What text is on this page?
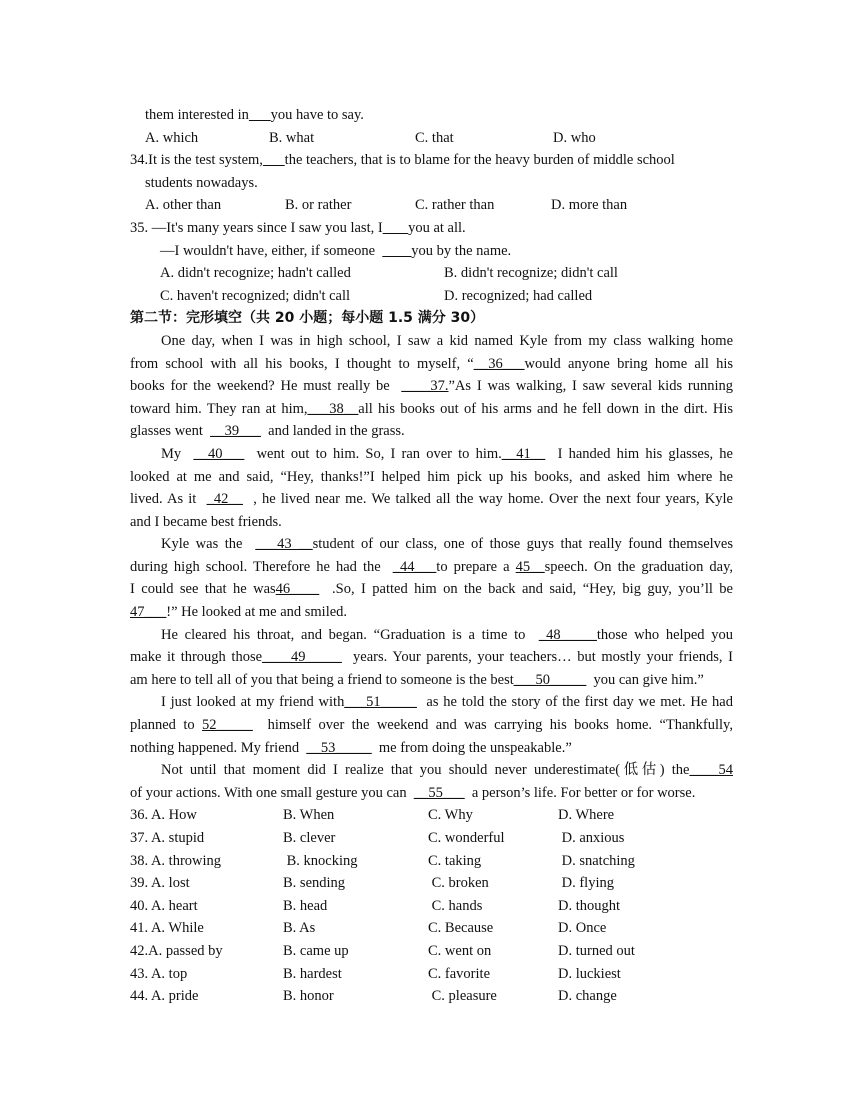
them interested in you have to say.
A. which	B. what	C. that	D. who
34.It is the test system, the teachers, that is to blame for the heavy burden of middle school
students nowadays.
A. other than	B. or rather	C. rather than	D. more than
35. —It's many years since I saw you last, I you at all.
—I wouldn't have, either, if someone          you by the name.
A. didn't recognize; hadn't called	B. didn't recognize; didn't call
C. haven't recognized; didn't call	D. recognized; had called
第二节：完形填空（共 20 小题；每小题 1.5 满分 30）
One day, when I was in high school, I saw a kid named Kyle from my class walking home
from school with all his books, I thought to myself, “__36___would anyone bring home all his
books for the weekend? He must really be  ____37.”As I was walking, I saw several kids running
toward him. They ran at him,___38__all his books out of his arms and he fell down in the dirt. His
glasses went  __39___  and landed in the grass.
My  __40___  went out to him. So, I ran over to him.__41__  I handed him his glasses, he
looked at me and said, “Hey, thanks!”I helped him pick up his books, and asked him where he
lived. As it  _42__  , he lived near me. We talked all the way home. Over the next four years, Kyle
and I became best friends.
Kyle was the  ___43 __student of our class, one of those guys that really found themselves
during high school. Therefore he had the  _44___to prepare a 45__speech. On the graduation day,
I could see that he was46____  .So, I patted him on the back and said, “Hey, big guy, you’ll be
47___!” He looked at me and smiled.
He cleared his throat, and began. “Graduation is a time to  _48_____those who helped you
make it through those____49_____  years. Your parents, your teachers… but mostly your friends, I
am here to tell all of you that being a friend to someone is the best___50_____  you can give him.”
I just looked at my friend with___51_____  as he told the story of the first day we met. He had
planned to 52_____  himself over the weekend and was carrying his books home. “Thankfully,
nothing happened. My friend  __53_____  me from doing the unspeakable.”
Not until that moment did I realize that you should never underestimate(低估) the____54
of your actions. With one small gesture you can  __55___  a person’s life. For better or for worse.
36. A. How	B. When	C. Why	D. Where
37. A. stupid	B. clever	C. wonderful	D. anxious
38. A. throwing	B. knocking	C. taking	D. snatching
39. A. lost	B. sending	C. broken	D. flying
40. A. heart	B. head	C. hands	D. thought
41. A. While	B. As	C. Because	D. Once
42.A. passed by	B. came up	C. went on	D. turned out
43. A. top	B. hardest	C. favorite	D. luckiest
44. A. pride	B. honor	C. pleasure	D. change
